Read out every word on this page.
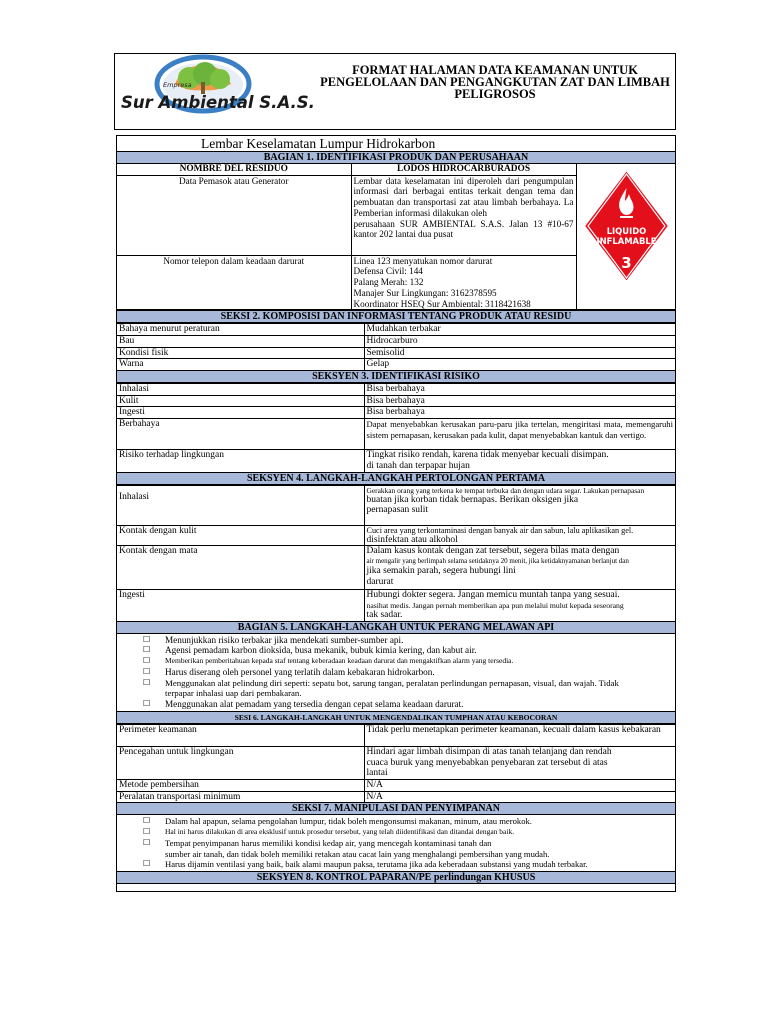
Empresa
Sur Ambiental S.A.S.
FORMAT HALAMAN DATA KEAMANAN UNTUK
PENGELOLAAN DAN PENGANGKUTAN ZAT DAN LIMBAH
PELIGROSOS
Lembar Keselamatan Lumpur Hidrokarbon
BAGIAN 1. IDENTIFIKASI PRODUK DAN PERUSAHAAN
NOMBRE DEL RESIDUO	LODOS HIDROCARBURADOS	LIQUIDO
INFLAMABLE
3

Data Pemasok atau Generator	Lembar data keselamatan ini diperoleh dari pengumpulan informasi dari berbagai entitas terkait dengan tema dan pembuatan dan transportasi zat atau limbah berbahaya. La Pemberian informasi dilakukan oleh
perusahaan SUR AMBIENTAL S.A.S. Jalan 13 #10-67 kantor 202 lantai dua pusat	

Nomor telepon dalam keadaan darurat	Linea 123 menyatukan nomor darurat
Defensa Civil: 144
Palang Merah: 132
Manajer Sur Lingkungan: 3162378595
Koordinator HSEQ Sur Ambiental: 3118421638	
SEKSI 2. KOMPOSISI DAN INFORMASI TENTANG PRODUK ATAU RESIDU
Bahaya menurut peraturan	Mudahkan terbakar
Bau	Hidrocarburo
Kondisi fisik	Semisolid
Warna	Gelap
SEKSYEN 3. IDENTIFIKASI RISIKO
Inhalasi	Bisa berbahaya
Kulit	Bisa berbahaya
Ingesti	Bisa berbahaya
Berbahaya	Dapat menyebabkan kerusakan paru-paru jika tertelan, mengiritasi mata, memengaruhi sistem pernapasan, kerusakan pada kulit, dapat menyebabkan kantuk dan vertigo.
Risiko terhadap lingkungan	Tingkat risiko rendah, karena tidak menyebar kecuali disimpan.
di tanah dan terpapar hujan
SEKSYEN 4. LANGKAH-LANGKAH PERTOLONGAN PERTAMA
Inhalasi	Gerakkan orang yang terkena ke tempat terbuka dan dengan udara segar. Lakukan pernapasan
buatan jika korban tidak bernapas. Berikan oksigen jika
pernapasan sulit

Kontak dengan kulit	Cuci area yang terkontaminasi dengan banyak air dan sabun, lalu aplikasikan gel.
disinfektan atau alkohol

Kontak dengan mata	Dalam kasus kontak dengan zat tersebut, segera bilas mata dengan
air mengalir yang berlimpah selama setidaknya 20 menit, jika ketidaknyamanan berlanjut dan
jika semakin parah, segera hubungi lini
darurat

Ingesti	Hubungi dokter segera. Jangan memicu muntah tanpa yang sesuai.
nasihat medis. Jangan pernah memberikan apa pun melalui mulut kepada seseorang
tak sadar.
BAGIAN 5. LANGKAH-LANGKAH UNTUK PERANG MELAWAN API
☐ Menunjukkan risiko terbakar jika mendekati sumber-sumber api.
☐ Agensi pemadam karbon dioksida, busa mekanik, bubuk kimia kering, dan kabut air.
☐ Memberikan pemberitahuan kepada staf tentang keberadaan keadaan darurat dan mengaktifkan alarm yang tersedia.
☐ Harus diserang oleh personel yang terlatih dalam kebakaran hidrokarbon.
☐ Menggunakan alat pelindung diri seperti: sepatu bot, sarung tangan, peralatan perlindungan pernapasan, visual, dan wajah. Tidak
terpapar inhalasi uap dari pembakaran.
☐ Menggunakan alat pemadam yang tersedia dengan cepat selama keadaan darurat.
SESI 6. LANGKAH-LANGKAH UNTUK MENGENDALIKAN TUMPHAN ATAU KEBOCORAN
Perimeter keamanan	Tidak perlu menetapkan perimeter keamanan, kecuali dalam kasus kebakaran
Pencegahan untuk lingkungan	Hindari agar limbah disimpan di atas tanah telanjang dan rendah
cuaca buruk yang menyebabkan penyebaran zat tersebut di atas
lantai

Metode pembersihan	N/A
Peralatan transportasi minimum	N/A
SEKSI 7. MANIPULASI DAN PENYIMPANAN
☐ Dalam hal apapun, selama pengolahan lumpur, tidak boleh mengonsumsi makanan, minum, atau merokok.
☐ Hal ini harus dilakukan di area eksklusif untuk prosedur tersebut, yang telah diidentifikasi dan ditandai dengan baik.
☐ Tempat penyimpanan harus memiliki kondisi kedap air, yang mencegah kontaminasi tanah dan
sumber air tanah, dan tidak boleh memiliki retakan atau cacat lain yang menghalangi pembersihan yang mudah.
☐ Harus dijamin ventilasi yang baik, baik alami maupun paksa, terutama jika ada keberadaan substansi yang mudah terbakar.
SEKSYEN 8. KONTROL PAPARAN/PE perlindungan KHUSUS
